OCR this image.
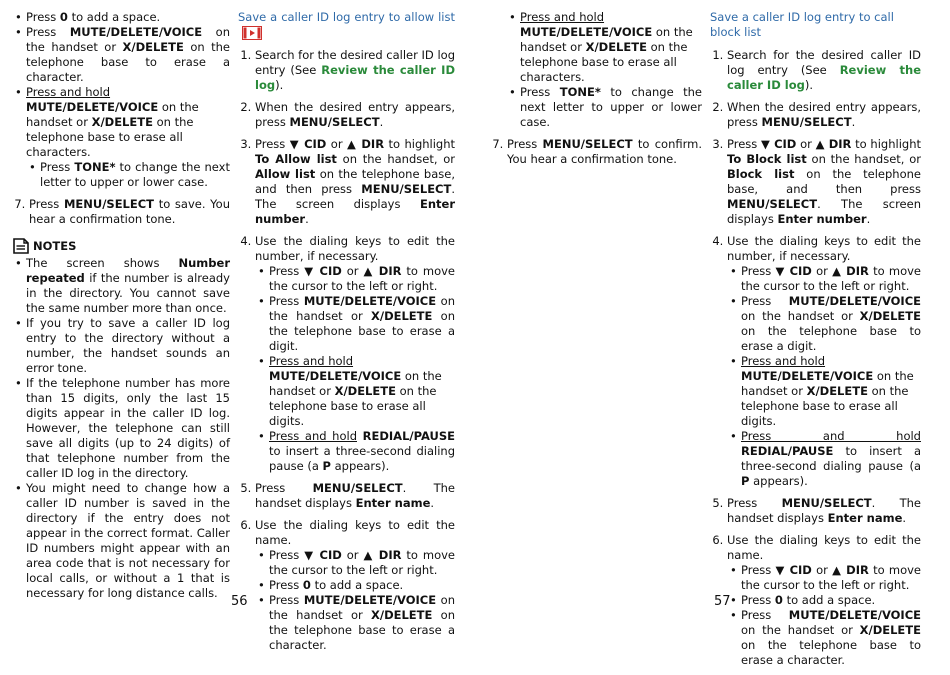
• Press 0 to add a space.
• Press MUTE/DELETE/VOICE on the handset or X/DELETE on the telephone base to erase a character.
• Press and hold
MUTE/DELETE/VOICE on the handset or X/DELETE on the telephone base to erase all characters.
• Press TONE* to change the next letter to upper or lower case.
7. Press MENU/SELECT to save. You hear a confirmation tone.
NOTES
• The screen shows Number repeated if the number is already in the directory. You cannot save the same number more than once.
• If you try to save a caller ID log entry to the directory without a number, the handset sounds an error tone.
• If the telephone number has more than 15 digits, only the last 15 digits appear in the caller ID log. However, the telephone can still save all digits (up to 24 digits) of that telephone number from the caller ID log in the directory.
• You might need to change how a caller ID number is saved in the directory if the entry does not appear in the correct format. Caller ID numbers might appear with an area code that is not necessary for local calls, or without a 1 that is necessary for long distance calls.
Save a caller ID log entry to allow list
1. Search for the desired caller ID log entry (See Review the caller ID log).
2. When the desired entry appears, press MENU/SELECT.
3. Press ▼ CID or ▲ DIR to highlight To Allow list on the handset, or Allow list on the telephone base, and then press MENU/SELECT. The screen displays Enter number.
4. Use the dialing keys to edit the number, if necessary.
• Press ▼ CID or ▲ DIR to move the cursor to the left or right.
• Press MUTE/DELETE/VOICE on the handset or X/DELETE on the telephone base to erase a digit.
• Press and hold
MUTE/DELETE/VOICE on the handset or X/DELETE on the telephone base to erase all digits.
• Press and hold REDIAL/PAUSE to insert a three-second dialing pause (a P appears).
5. Press MENU/SELECT. The handset displays Enter name.
6. Use the dialing keys to edit the name.
• Press ▼ CID or ▲ DIR to move the cursor to the left or right.
• Press 0 to add a space.
• Press MUTE/DELETE/VOICE on the handset or X/DELETE on the telephone base to erase a character.
56
• Press and hold
MUTE/DELETE/VOICE on the handset or X/DELETE on the telephone base to erase all characters.
• Press TONE* to change the next letter to upper or lower case.
7. Press MENU/SELECT to confirm. You hear a confirmation tone.
Save a caller ID log entry to call block list
1. Search for the desired caller ID log entry (See Review the caller ID log).
2. When the desired entry appears, press MENU/SELECT.
3. Press ▼ CID or ▲ DIR to highlight To Block list on the handset, or Block list on the telephone base, and then press MENU/SELECT. The screen displays Enter number.
4. Use the dialing keys to edit the number, if necessary.
• Press ▼ CID or ▲ DIR to move the cursor to the left or right.
• Press MUTE/DELETE/VOICE on the handset or X/DELETE on the telephone base to erase a digit.
• Press and hold
MUTE/DELETE/VOICE on the handset or X/DELETE on the telephone base to erase all digits.
• Press and hold REDIAL/PAUSE to insert a three-second dialing pause (a P appears).
5. Press MENU/SELECT. The handset displays Enter name.
6. Use the dialing keys to edit the name.
• Press ▼ CID or ▲ DIR to move the cursor to the left or right.
• Press 0 to add a space.
• Press MUTE/DELETE/VOICE on the handset or X/DELETE on the telephone base to erase a character.
57
